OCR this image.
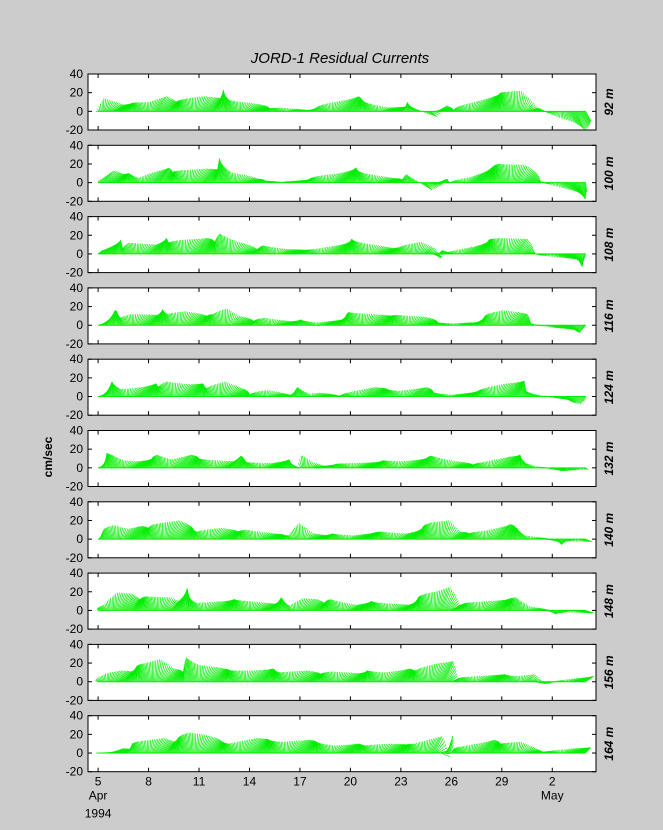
JORD-1 Residual Currents
40
20
0
-20
92 m
40
20
0
-20
100 m
40
20
0
-20
108 m
40
20
0
-20
116 m
40
20
0
-20
124 m
40
20
0
-20
132 m
40
20
0
-20
140 m
40
20
0
-20
148 m
40
20
0
-20
156 m
40
20
0
-20
164 m
cm/sec
5
Apr
8	11	14	17	20	23	26	29	2
May
1994
